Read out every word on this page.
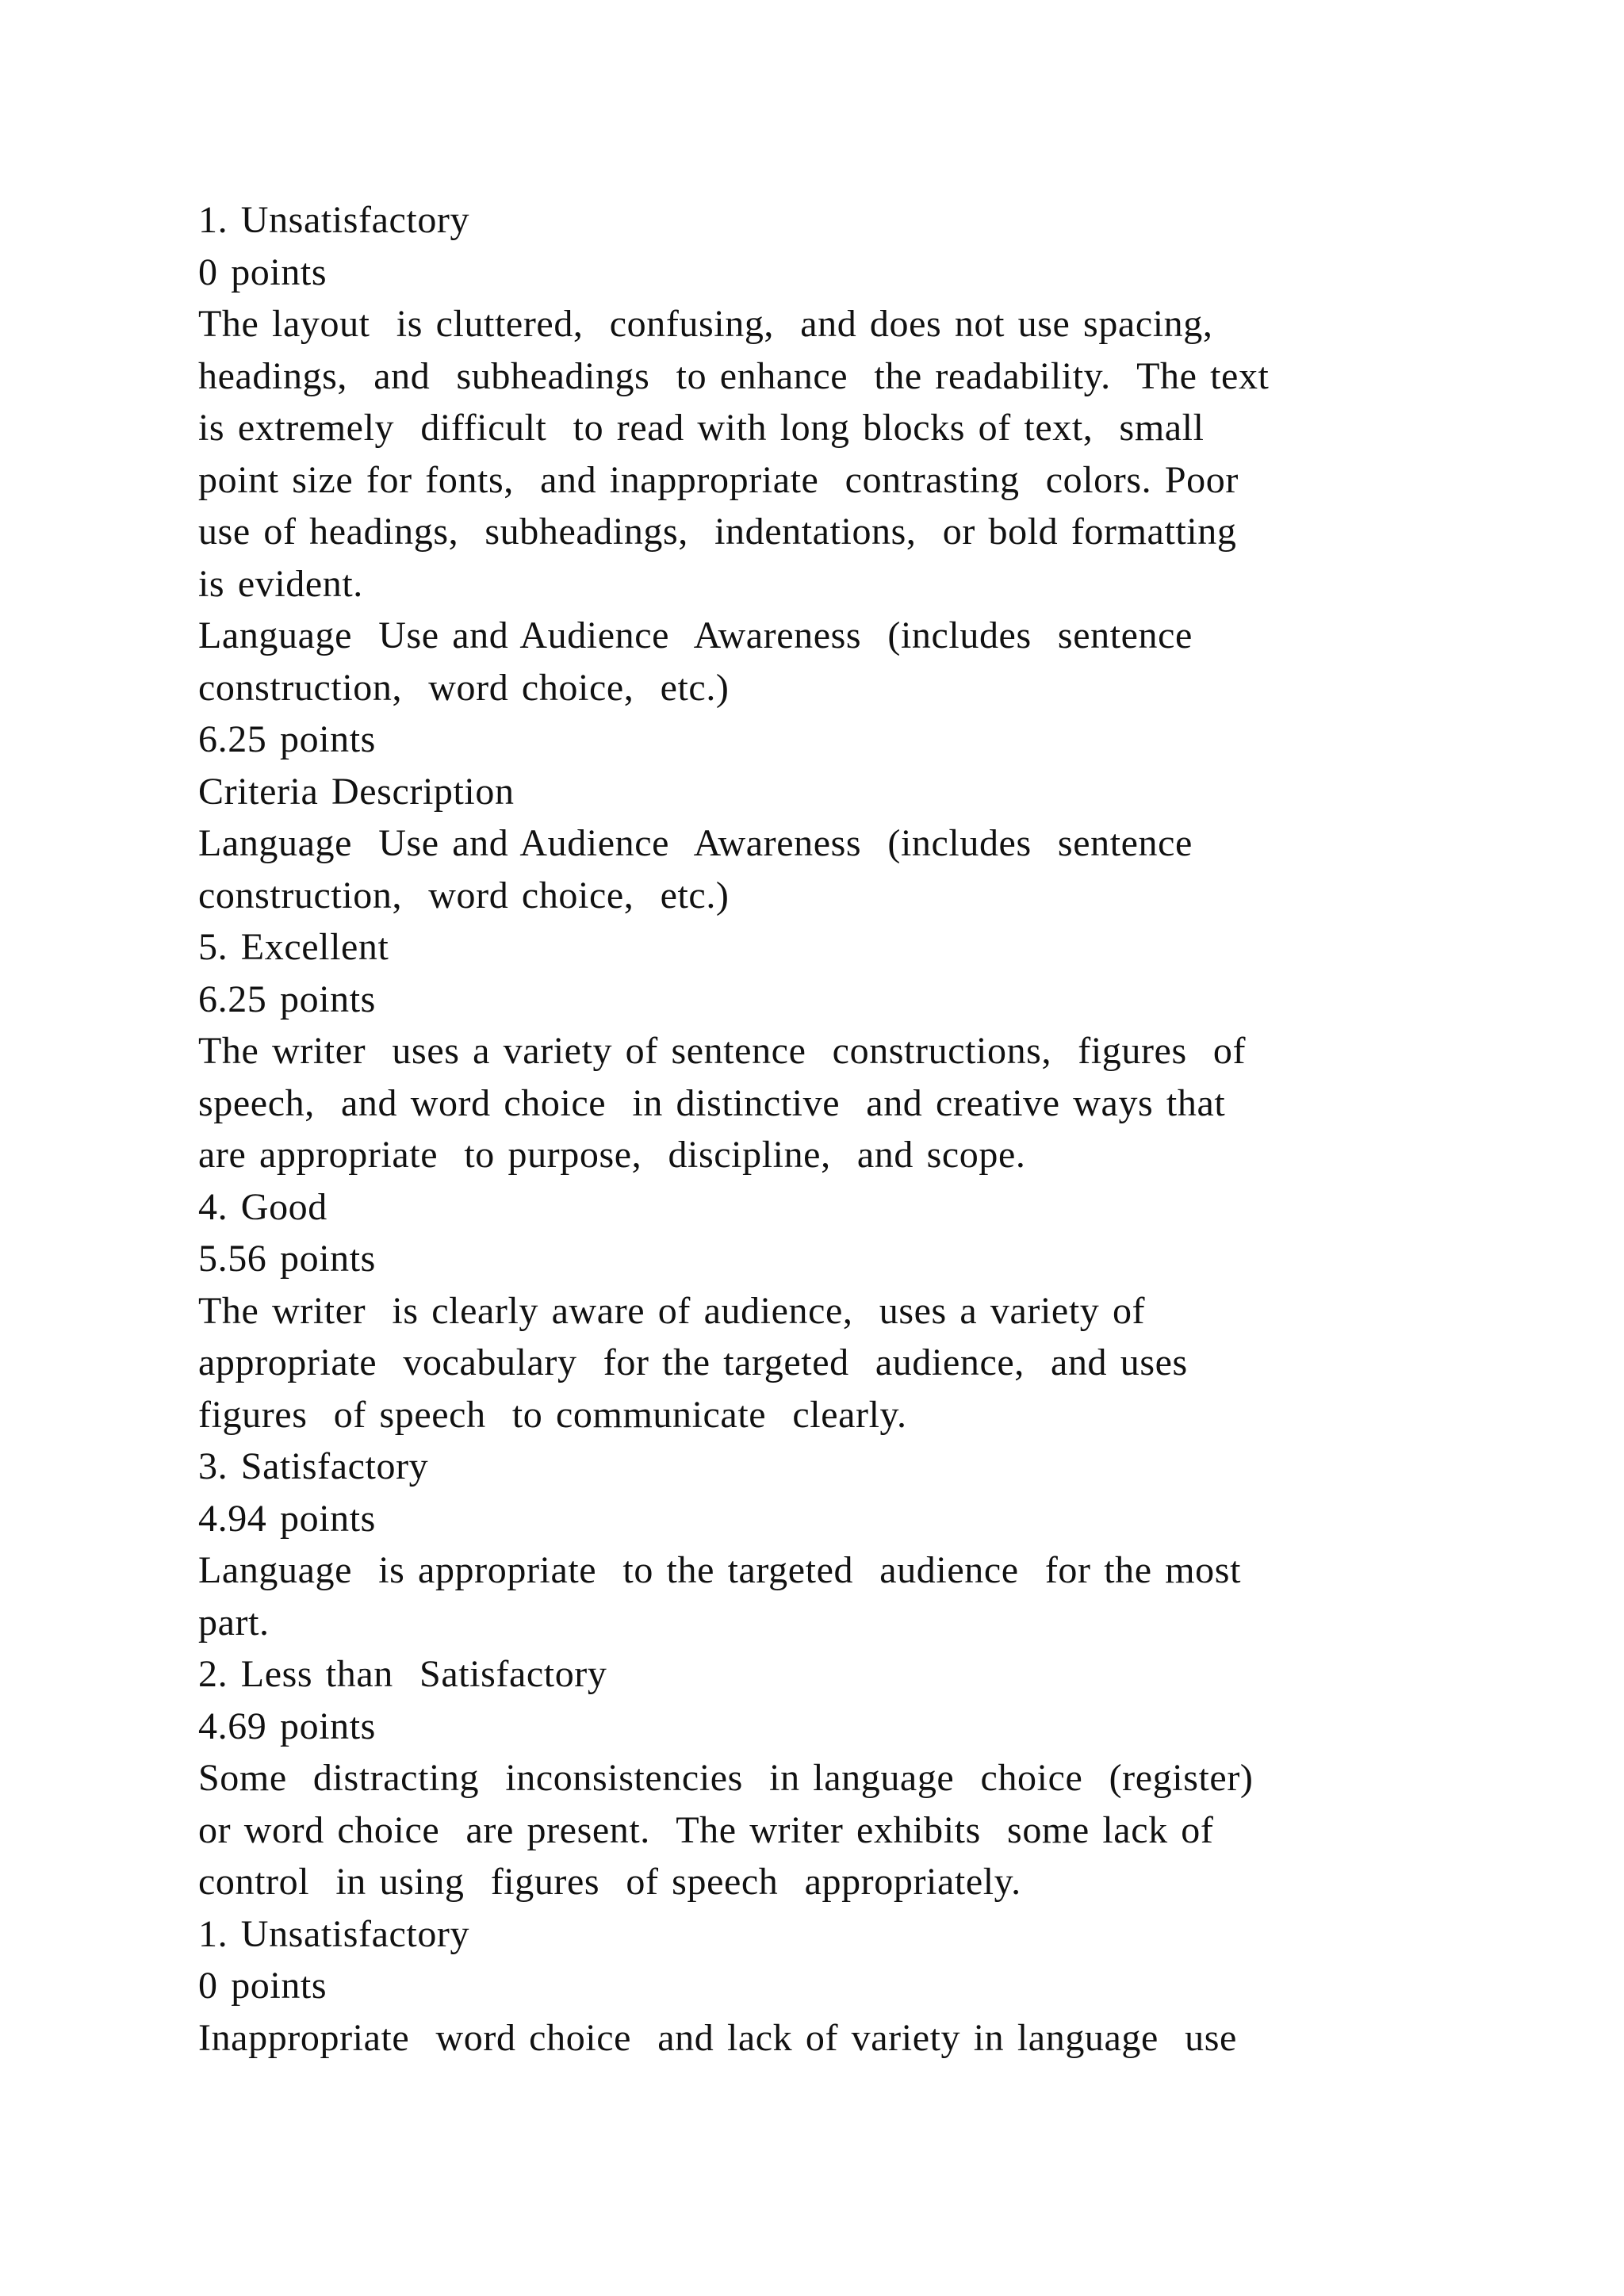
1. Unsatisfactory
0 points
The layout  is cluttered,  confusing,  and does not use spacing,
headings,  and  subheadings  to enhance  the readability.  The text
is extremely  difficult  to read with long blocks of text,  small
point size for fonts,  and inappropriate  contrasting  colors. Poor
use of headings,  subheadings,  indentations,  or bold formatting
is evident.
Language  Use and Audience  Awareness  (includes  sentence
construction,  word choice,  etc.)
6.25 points
Criteria Description
Language  Use and Audience  Awareness  (includes  sentence
construction,  word choice,  etc.)
5. Excellent
6.25 points
The writer  uses a variety of sentence  constructions,  figures  of
speech,  and word choice  in distinctive  and creative ways that
are appropriate  to purpose,  discipline,  and scope.
4. Good
5.56 points
The writer  is clearly aware of audience,  uses a variety of
appropriate  vocabulary  for the targeted  audience,  and uses
figures  of speech  to communicate  clearly.
3. Satisfactory
4.94 points
Language  is appropriate  to the targeted  audience  for the most
part.
2. Less than  Satisfactory
4.69 points
Some  distracting  inconsistencies  in language  choice  (register)
or word choice  are present.  The writer exhibits  some lack of
control  in using  figures  of speech  appropriately.
1. Unsatisfactory
0 points
Inappropriate  word choice  and lack of variety in language  use
